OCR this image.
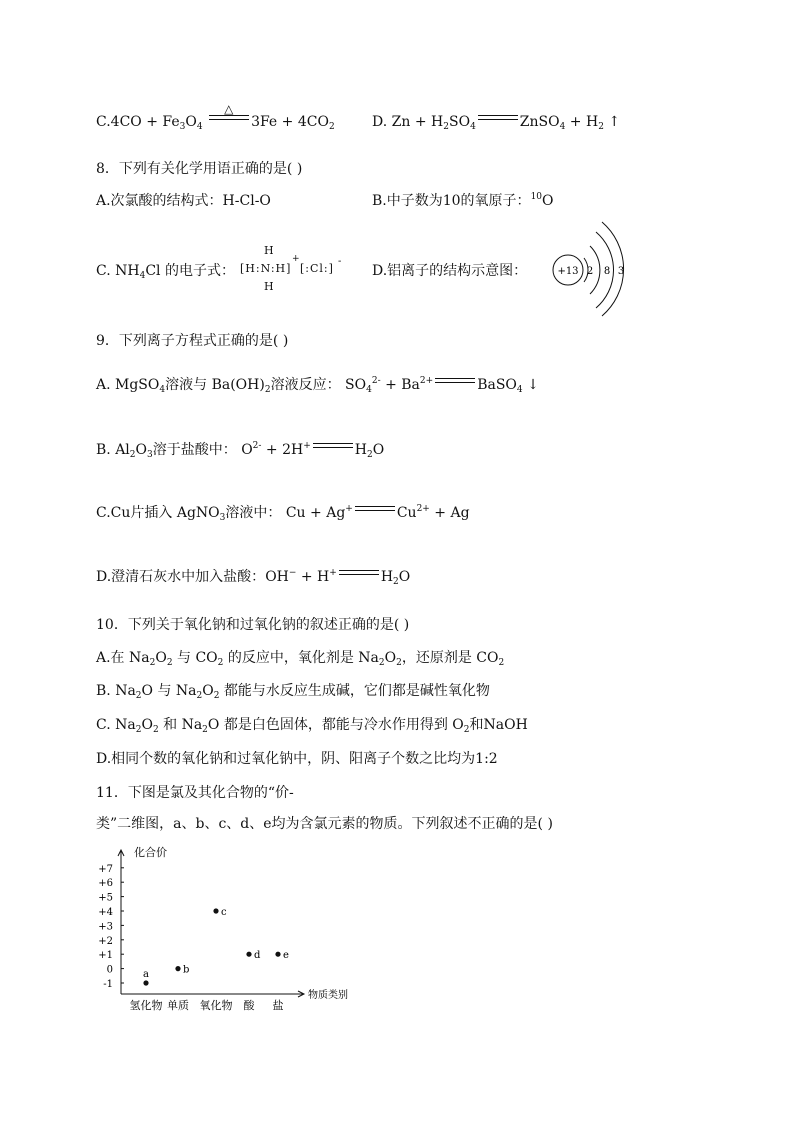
$C.4CO + Fe_3O_4$
△
$3Fe + 4CO_2$	D. $Zn + H_2SO_4$	ZnSO$_4$ + $H_2$ ↑
8．下列有关化学用语正确的是( )
A.次氯酸的结构式：H-Cl-O	B.中子数为10的氧原子：$^{10}$O
C. $NH_4Cl$ 的电子式：
H
[H:N:H]
+
H
[:Cl:]
-
D.铝离子的结构示意图：	+13 2 8 3
9．下列离子方程式正确的是( )
A. MgSO$_4$溶液与 $Ba(OH)_2$溶液反应： $SO_4^{2-} + Ba^{2+}$	BaSO$_4$ ↓
B. $Al_2O_3$溶于盐酸中： $O^{2-} + 2H^+$	$H_2O$
C.Cu片插入 AgNO$_3$溶液中： Cu + Ag+	$Cu^{2+} + Ag$
D.澄清石灰水中加入盐酸：OH− + H+	$H_2O$
10．下列关于氧化钠和过氧化钠的叙述正确的是( )
A.在 $Na_2O_2$ 与 $CO_2$ 的反应中，氧化剂是 $Na_2O_2$，还原剂是 $CO_2$
B. $Na_2O$ 与 $Na_2O_2$ 都能与水反应生成碱，它们都是碱性氧化物
C. $Na_2O_2$ 和 $Na_2O$ 都是白色固体，都能与冷水作用得到 $O_2$和NaOH
D.相同个数的氧化钠和过氧化钠中，阴、阳离子个数之比均为1:2
11．下图是氯及其化合物的“价-
类”二维图，a、b、c、d、e均为含氯元素的物质。下列叙述不正确的是( )
化合价
物质类别
+7
+6
+5
+4
+3
+2
+1
0
-1
氢化物 单质 氧化物 酸 盐
a	b
c
d e
